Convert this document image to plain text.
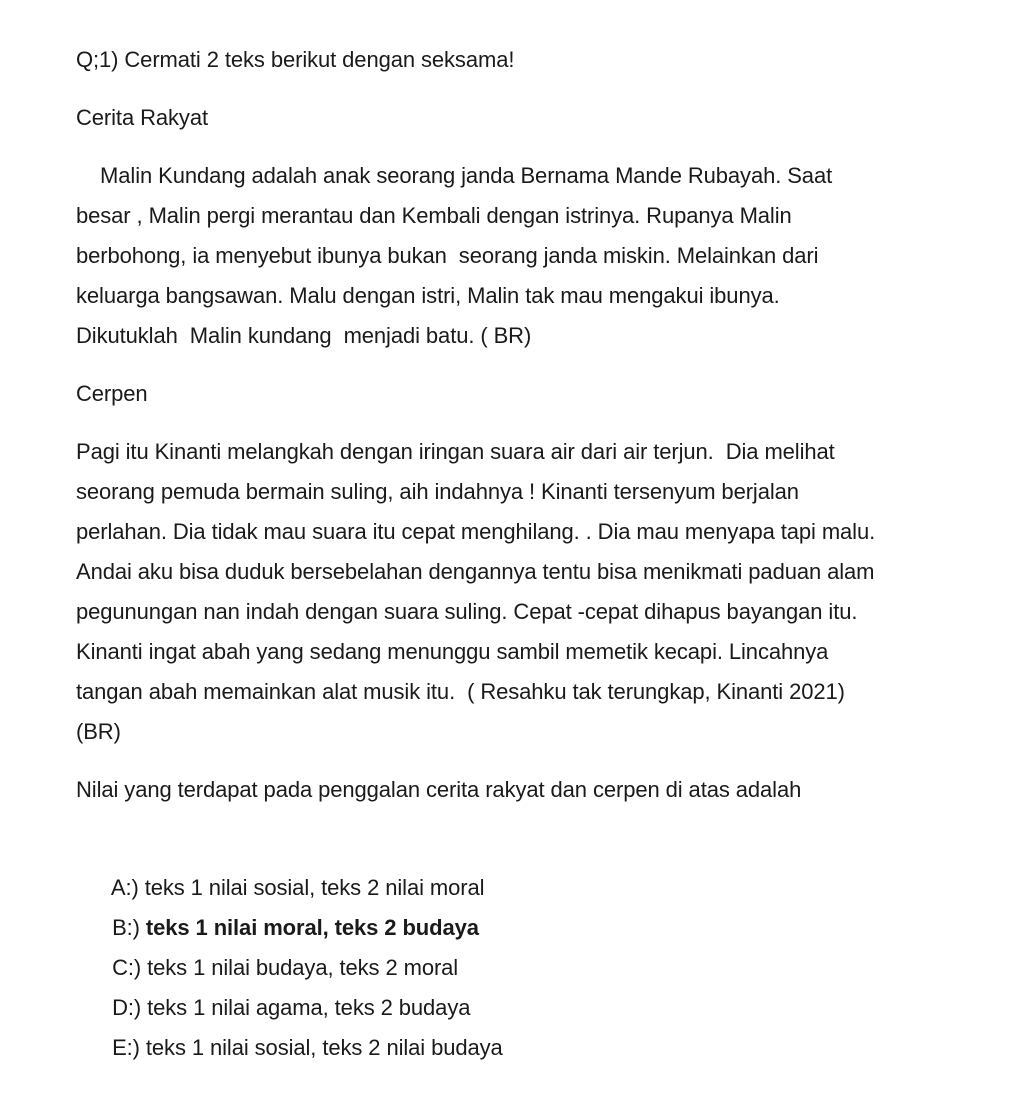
Q;1) Cermati 2 teks berikut dengan seksama!
Cerita Rakyat
Malin Kundang adalah anak seorang janda Bernama Mande Rubayah. Saat
besar , Malin pergi merantau dan Kembali dengan istrinya. Rupanya Malin
berbohong, ia menyebut ibunya bukan  seorang janda miskin. Melainkan dari
keluarga bangsawan. Malu dengan istri, Malin tak mau mengakui ibunya.
Dikutuklah  Malin kundang  menjadi batu. ( BR)
Cerpen
Pagi itu Kinanti melangkah dengan iringan suara air dari air terjun.  Dia melihat
seorang pemuda bermain suling, aih indahnya ! Kinanti tersenyum berjalan
perlahan. Dia tidak mau suara itu cepat menghilang. . Dia mau menyapa tapi malu.
Andai aku bisa duduk bersebelahan dengannya tentu bisa menikmati paduan alam
pegunungan nan indah dengan suara suling. Cepat -cepat dihapus bayangan itu.
Kinanti ingat abah yang sedang menunggu sambil memetik kecapi. Lincahnya
tangan abah memainkan alat musik itu.  ( Resahku tak terungkap, Kinanti 2021)
(BR)
Nilai yang terdapat pada penggalan cerita rakyat dan cerpen di atas adalah

A:) teks 1 nilai sosial, teks 2 nilai moral

B:) teks 1 nilai moral, teks 2 budaya

C:) teks 1 nilai budaya, teks 2 moral

D:) teks 1 nilai agama, teks 2 budaya

E:) teks 1 nilai sosial, teks 2 nilai budaya
